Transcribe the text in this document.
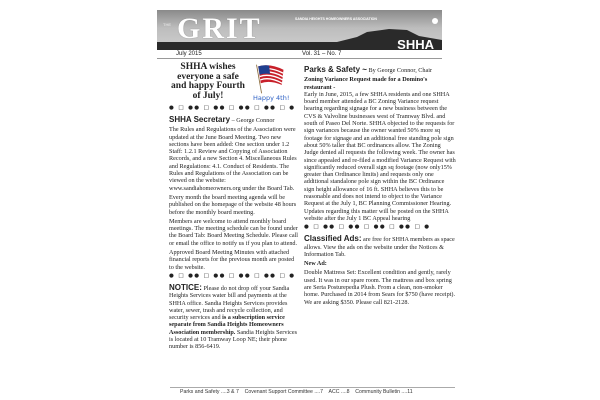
THE GRIT	SANDIA HEIGHTS HOMEOWNERS ASSOCIATION
SHHA
July 2015	Vol. 31 – No. 7
SHHA wishes everyone a safe and happy Fourth of July!	Happy 4th!
● □ ●● □ ●● □ ●● □ ●● □ ●

SHHA Secretary – George Connor

The Rules and Regulations of the Association were updated at the June Board Meeting. Two new sections have been added: One section under 1.2 Staff: 1.2.1 Review and Copying of Association Records, and a new Section 4. Miscellaneous Rules and Regulations: 4.1. Conduct of Residents. The Rules and Regulations of the Association can be viewed on the website: www.sandiahomeowners.org under the Board Tab.

Every month the board meeting agenda will be published on the homepage of the website 48 hours before the monthly board meeting.

Members are welcome to attend monthly board meetings. The meeting schedule can be found under the Board Tab: Board Meeting Schedule. Please call or email the office to notify us if you plan to attend.

Approved Board Meeting Minutes with attached financial reports for the previous month are posted to the website.

● □ ●● □ ●● □ ●● □ ●● □ ●

NOTICE: Please do not drop off your Sandia Heights Services water bill and payments at the SHHA office. Sandia Heights Services provides water, sewer, trash and recycle collection, and security services and is a subscription service separate from Sandia Heights Homeowners Association membership. Sandia Heights Services is located at 10 Tramway Loop NE; their phone number is 856-6419.

Parks & Safety ~ By George Connor, Chair

Zoning Variance Request made for a Domino's restaurant -

Early in June, 2015, a few SHHA residents and one SHHA board member attended a BC Zoning Variance request hearing regarding signage for a new business between the CVS & Valvoline businesses west of Tramway Blvd. and south of Paseo Del Norte. SHHA objected to the requests for sign variances because the owner wanted 50% more sq footage for signage and an additional free standing pole sign about 50% taller that BC ordinances allow. The Zoning Judge denied all requests the following week. The owner has since appealed and re-filed a modified Variance Request with significantly reduced overall sign sq footage (now only15% greater than Ordinance limits) and requests only one additional standalone pole sign within the BC Ordinance sign height allowance of 16 ft. SHHA believes this to be reasonable and does not intend to object to the Variance Request at the July 1, BC Planning Commissioner Hearing. Updates regarding this matter will be posted on the SHHA website after the July 1 BC Appeal hearing

● □ ●● □ ●● □ ●● □ ●● □ ●

Classified Ads: are free for SHHA members as space allows. View the ads on the website under the Notices & Information Tab.

New Ad:

Double Mattress Set: Excellent condition and gently, rarely used. It was in our spare room. The mattress and box spring are Serta Posturepedia Plush. From a clean, non-smoker home. Purchased in 2014 from Sears for $750 (have receipt). We are asking $350. Please call 821-2128.

Parks and Safety ....3 & 7    Covenant Support Committee ....7    ACC ....8    Community Bulletin ....11
